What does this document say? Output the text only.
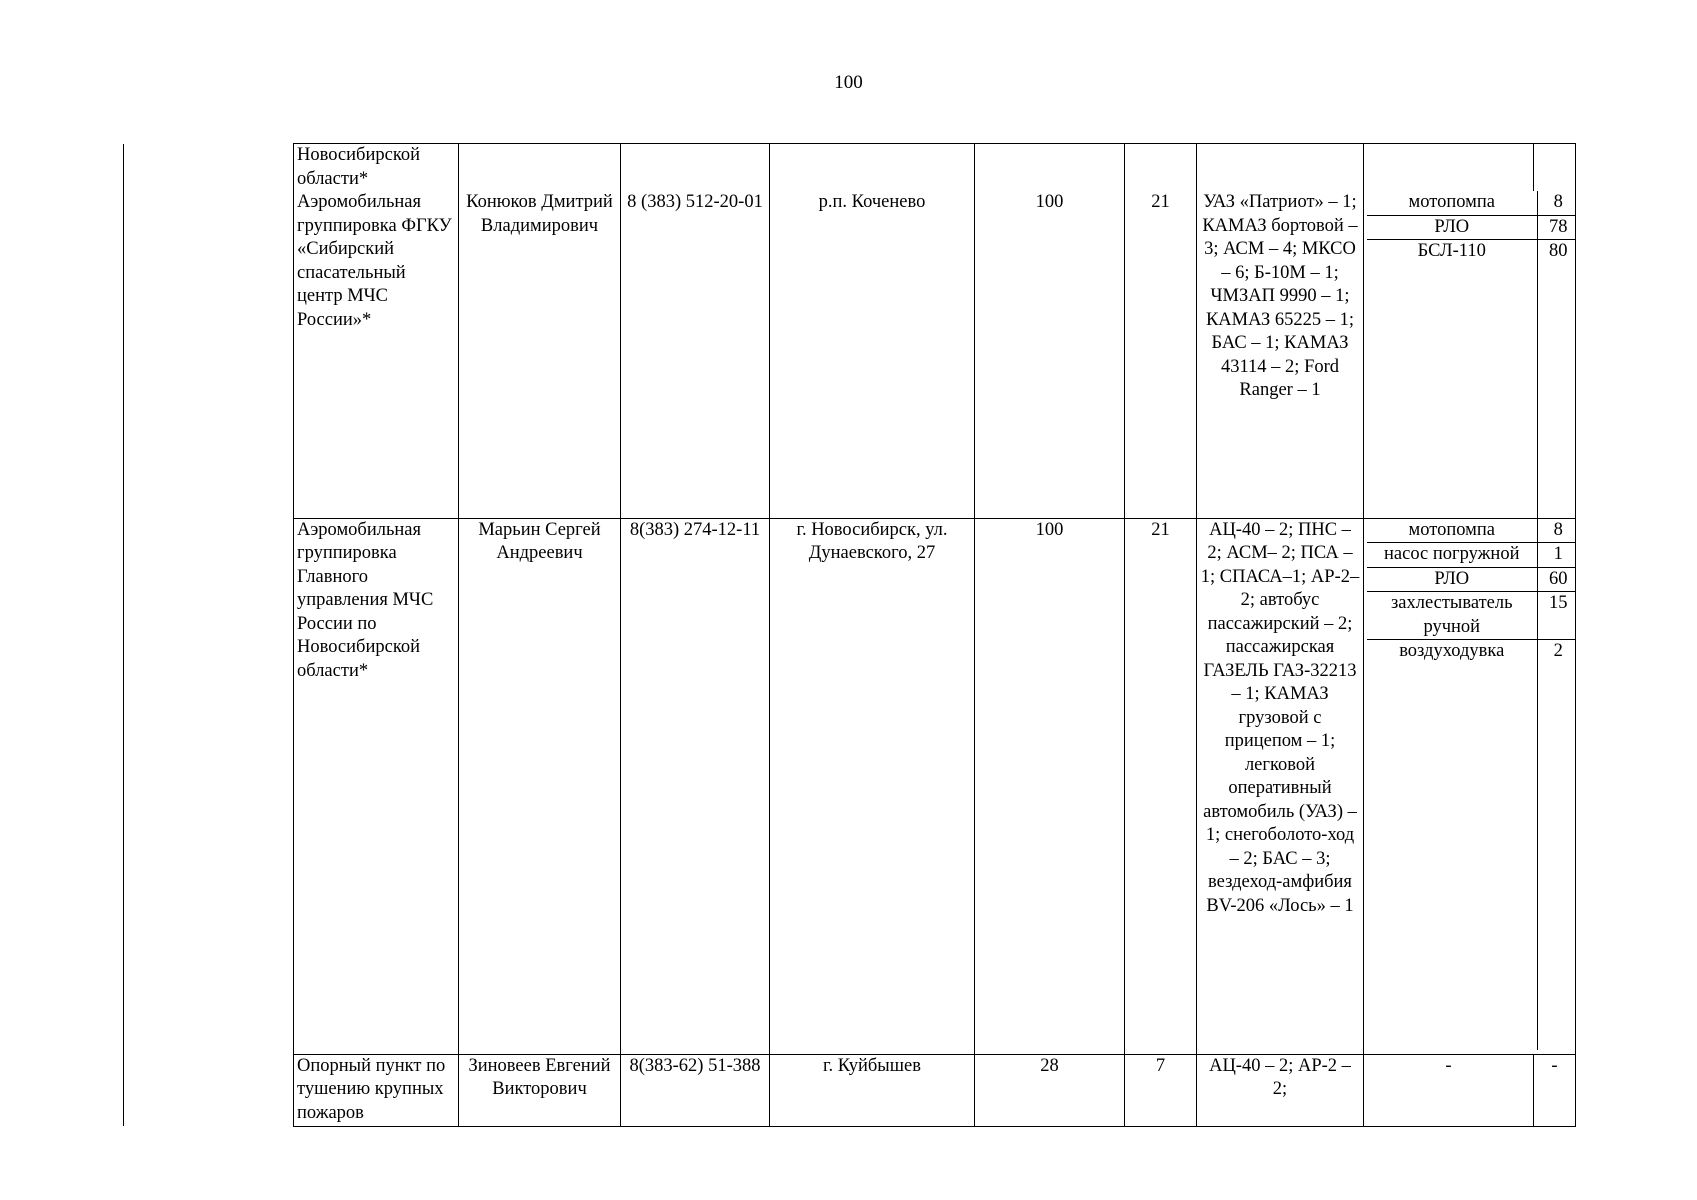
100
	Новосибирской области*								
	Аэромобильная группировка ФГКУ «Сибирский спасательный центр МЧС России»*	Конюков Дмитрий Владимирович	8 (383) 512-20-01	р.п. Коченево	100	21	УАЗ «Патриот» – 1; КАМАЗ бортовой – 3; АСМ – 4; МКСО – 6; Б-10М – 1; ЧМЗАП 9990 – 1; КАМАЗ 65225 – 1; БАС – 1; КАМАЗ 43114 – 2; Ford Ranger – 1	
мотопомпа	8
РЛО	78
БСЛ-110	80

	Аэромобильная группировка Главного управления МЧС России по Новосибирской области*	Марьин Сергей Андреевич	8(383) 274-12-11	г. Новосибирск, ул. Дунаевского, 27	100	21	АЦ-40 – 2; ПНС – 2; АСМ– 2; ПСА – 1; СПАСА–1; АР-2– 2; автобус пассажирский – 2; пассажирская ГАЗЕЛЬ ГАЗ-32213 – 1; КАМАЗ грузовой с прицепом – 1; легковой оперативный автомобиль (УАЗ) – 1; снегоболото-ход – 2; БАС – 3; вездеход-амфибия BV-206 «Лось» – 1	
мотопомпа	8
насос погружной	1
РЛО	60
захлестыватель ручной	15
воздуходувка	2

	Опорный пункт по тушению крупных пожаров	Зиновеев Евгений Викторович	8(383-62) 51-388	г. Куйбышев	28	7	АЦ-40 – 2; АР-2 – 2;	-	-
